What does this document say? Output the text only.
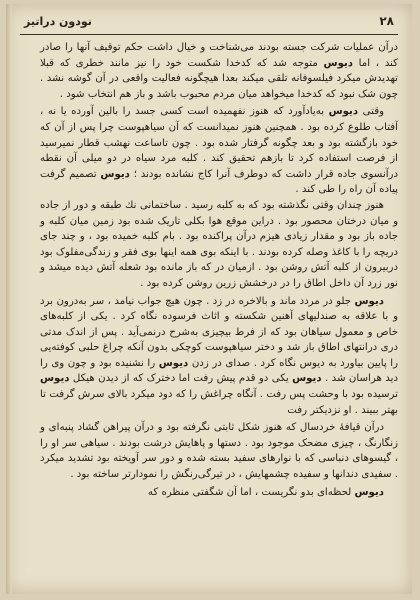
۲۸
نودون دراتیز

درآن عملیات شرکت جسته بودند می‌شناخت و خیال داشت حکم توقیف آنها را صادر کند ، اما دیوس متوجه شد که کدخدا شکست خود را نیز مانند خطری که قبلا تهدیدش میکرد فیلسوفانه تلقی میکند بعدا هیچگونه فعالیت واقعی در آن گوشه نشد . چون شک نبود که کدخدا میخواهد میان مردم محبوب باشد و باز هم انتخاب شود .

وقتی دیوس به‌یادآورد که هنوز نفهمیده است کسی جسد را بالین آورده یا نه ، آفتاب طلوع کرده بود . همچنین هنوز نمیدانست که آن سیاهپوست چرا پس از آن که خود بازگشته بود و بعد چگونه گرفتار شده بود . چون تاساعت نهشب قطار نمیرسید از فرصت استفاده کرد تا بازهم تحقیق کند . کلبه مرد سیاه در دو میلی آن نقطه درآنسوی جاده قرار داشت که دوطرف آنرا کاج نشانده بودند ؛ دیوس تصمیم گرفت پیاده آن راه را طی کند .

هنوز چندان وقتی نگذشته بود که به کلبه رسید . ساختمانی نك طبقه و دور از جاده و میان درختان محصور بود . دراین موقع هوا بکلی تاریک شده بود زمین میان کلبه و جاده باز بود و مقدار زیادی هیزم درآن پراکنده بود . بام کلبه خمیده بود ، و چند جای دریچه را با کاغذ وصله کرده بودند . با اینکه بوی همه اینها بوی فقر و زندگی‌مفلوک بود دربیرون از کلبه آتش روشن بود . ازمیان در که باز مانده بود شعله آتش دیده میشد و نور زرد آن داخل اطاق را در درخشش زرین روشن کرده بود .

دیوس جلو در مردد ماند و بالاخره در زد . چون هیچ جواب نیامد ، سر به‌درون برد و با علاقه به صندلیهای آهنین شکسته و اثاث فرسوده نگاه کرد . یکی از کلبه‌های خاص و معمول سیاهان بود که از فرط بیچیزی به‌شرح درنمی‌آید . پس از اندک مدتی دری درانتهای اطاق باز شد و دختر سیاهپوست کوچکی بدون آنکه چراغ حلبی کوفته‌یی را پایین بیاورد به دیوس نگاه کرد . صدای در زدن دیوس را نشنیده بود و چون وی را دید هراسان شد . دیوس یکی دو قدم پیش رفت اما دخترک که از دیدن هیکل دیوس ترسیده بود با وحشت پس رفت . آنگاه چراغش را که دود میکرد بالای سرش گرفت تا بهتر ببیند . او نزدیکتر رفت

درآن قیافهٔ خردسال که هنوز شکل ثابتی نگرفته بود و درآن پیراهن گشاد پنبه‌ای و زنگارنگ ، چیزی مضحک موجود بود . دستها و پاهایش درشت بودند . سیاهی سر او را ، گیسوهای دنباسی که با نوارهای سفید بسته شده و دور سر آویخته بود تشدید میکرد . سفیدی دندانها و سفیده چشمهایش ، در تیرگی‌رنگش را نمودارتر ساخته بود .

دیوس لحظه‌ای بدو نگریست ، اما آن شگفتی منظره که
